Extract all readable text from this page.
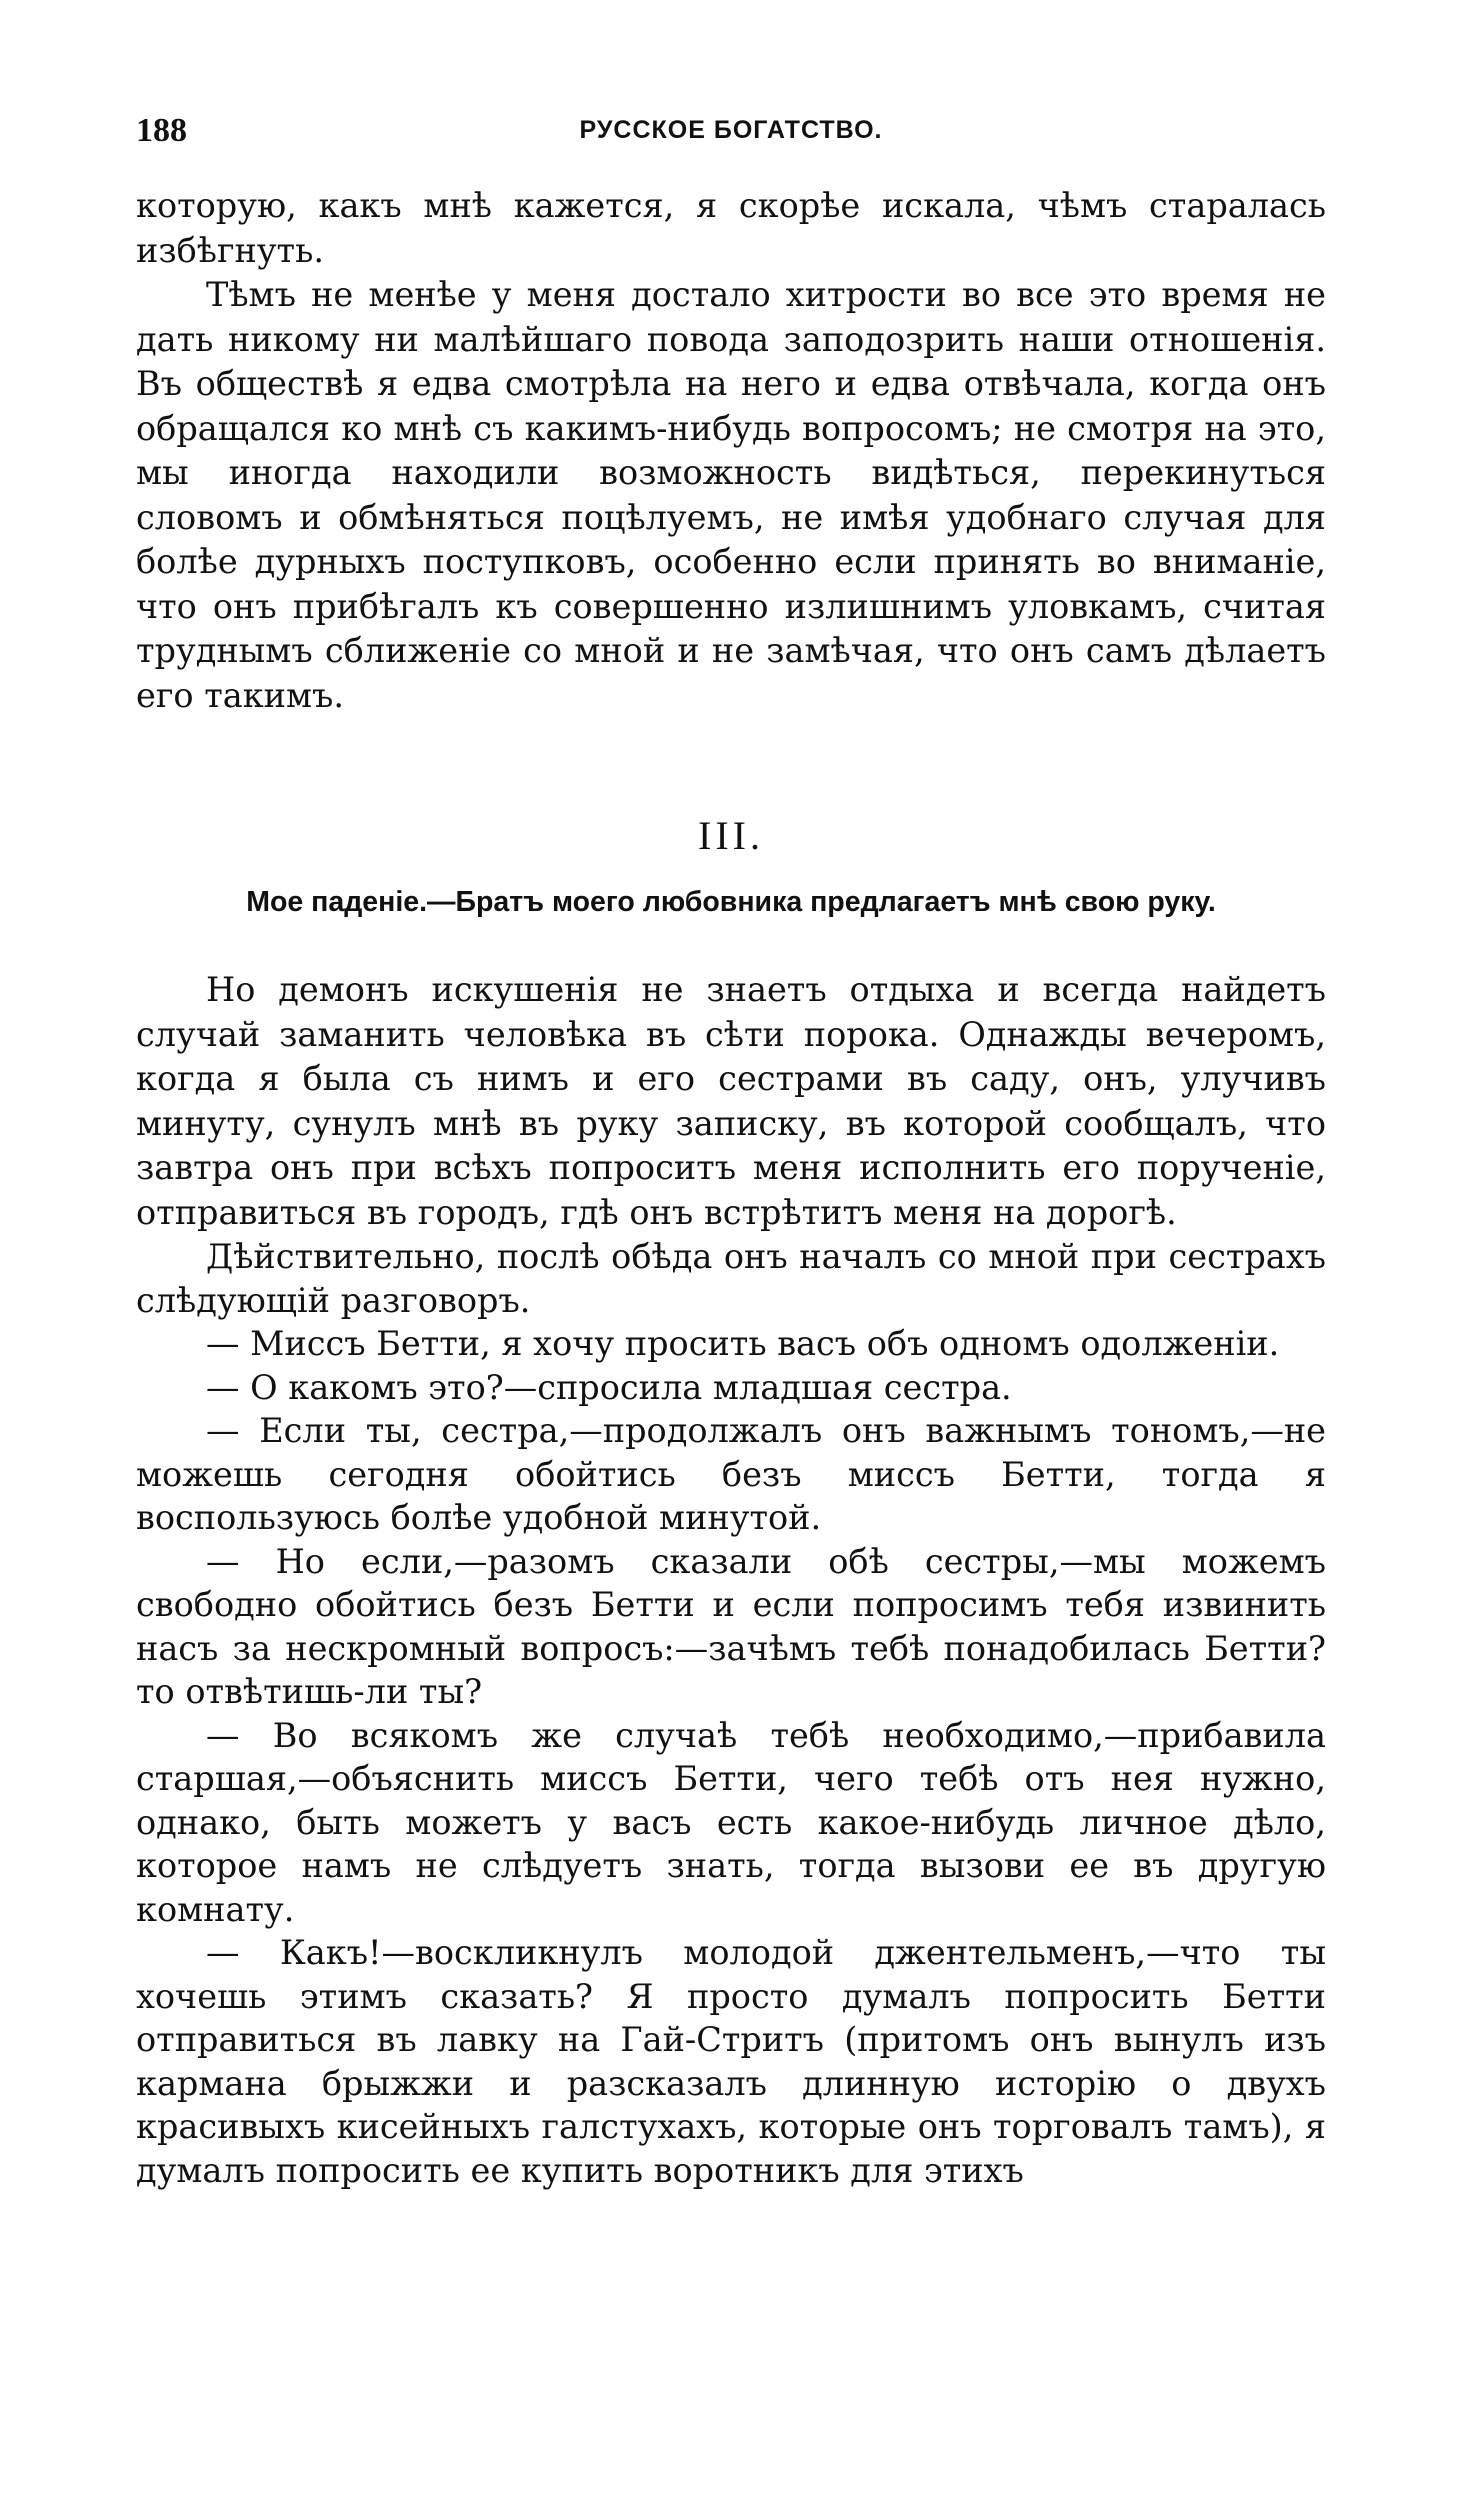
188	РУССКОЕ БОГАТСТВО.

которую, какъ мнѣ кажется, я скорѣе искала, чѣмъ старалась избѣгнуть.

Тѣмъ не менѣе у меня достало хитрости во все это время не дать никому ни малѣйшаго повода заподозрить наши отношенія. Въ обществѣ я едва смотрѣла на него и едва отвѣчала, когда онъ обращался ко мнѣ съ какимъ-нибудь вопросомъ; не смотря на это, мы иногда находили возможность видѣться, перекинуться словомъ и обмѣняться поцѣлуемъ, не имѣя удобнаго случая для болѣе дурныхъ поступковъ, особенно если принять во вниманіе, что онъ прибѣгалъ къ совершенно излишнимъ уловкамъ, считая труднымъ сближеніе со мной и не замѣчая, что онъ самъ дѣлаетъ его такимъ.

III.
Мое паденіе.—Братъ моего любовника предлагаетъ мнѣ свою руку.

Но демонъ искушенія не знаетъ отдыха и всегда найдетъ случай заманить человѣка въ сѣти порока. Однажды вечеромъ, когда я была съ нимъ и его сестрами въ саду, онъ, улучивъ минуту, сунулъ мнѣ въ руку записку, въ которой сообщалъ, что завтра онъ при всѣхъ попроситъ меня исполнить его порученіе, отправиться въ городъ, гдѣ онъ встрѣтитъ меня на дорогѣ.

Дѣйствительно, послѣ обѣда онъ началъ со мной при сестрахъ слѣдующій разговоръ.

— Миссъ Бетти, я хочу просить васъ объ одномъ одолженіи.

— О какомъ это?—спросила младшая сестра.

— Если ты, сестра,—продолжалъ онъ важнымъ тономъ,—не можешь сегодня обойтись безъ миссъ Бетти, тогда я воспользуюсь болѣе удобной минутой.

— Но если,—разомъ сказали обѣ сестры,—мы можемъ свободно обойтись безъ Бетти и если попросимъ тебя извинить насъ за нескромный вопросъ:—зачѣмъ тебѣ понадобилась Бетти? то отвѣтишь-ли ты?

— Во всякомъ же случаѣ тебѣ необходимо,—прибавила старшая,—объяснить миссъ Бетти, чего тебѣ отъ нея нужно, однако, быть можетъ у васъ есть какое-нибудь личное дѣло, которое намъ не слѣдуетъ знать, тогда вызови ее въ другую комнату.

— Какъ!—воскликнулъ молодой джентельменъ,—что ты хочешь этимъ сказать? Я просто думалъ попросить Бетти отправиться въ лавку на Гай-Стритъ (притомъ онъ вынулъ изъ кармана брыжжи и разсказалъ длинную исторію о двухъ красивыхъ кисейныхъ галстухахъ, которые онъ торговалъ тамъ), я думалъ попросить ее купить воротникъ для этихъ
